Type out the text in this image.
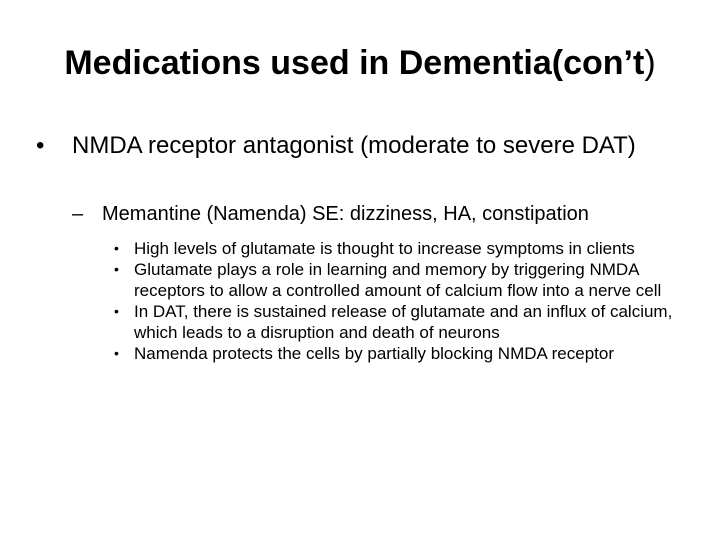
Medications used in Dementia(con’t)
• NMDA receptor antagonist (moderate to severe DAT)
– Memantine (Namenda) SE: dizziness, HA, constipation
• High levels of glutamate is thought to increase symptoms in clients
• Glutamate plays a role in learning and memory by triggering NMDA receptors to allow a controlled amount of calcium flow into a nerve cell
• In DAT, there is sustained release of glutamate and an influx of calcium, which leads to a disruption and death of neurons
• Namenda protects the cells by partially blocking NMDA receptor
